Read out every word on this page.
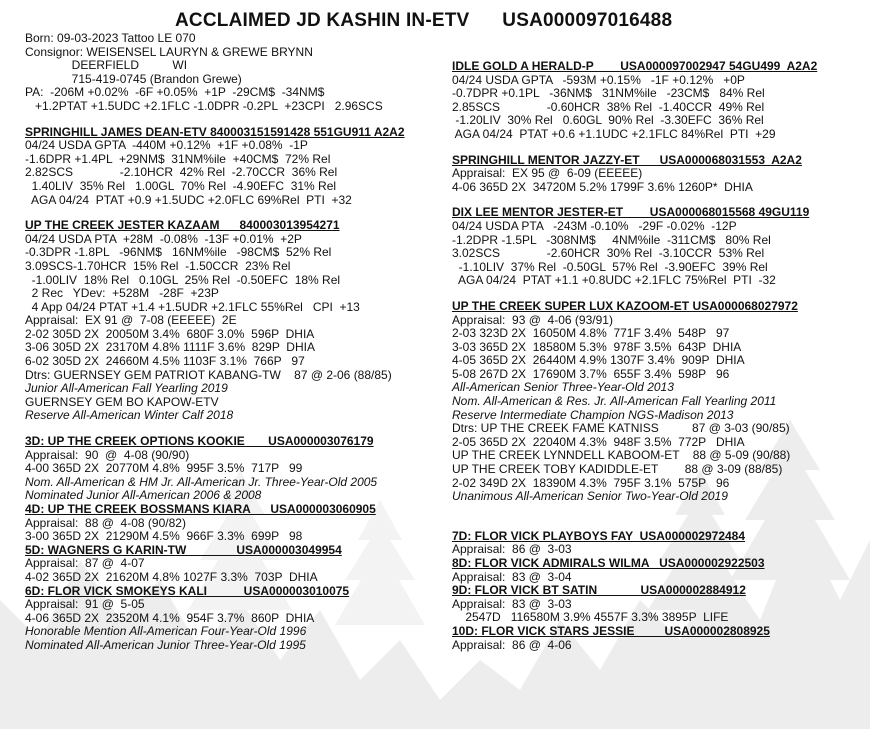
ACCLAIMED JD KASHIN IN-ETV      USA000097016488
Born: 09-03-2023 Tattoo LE 070
Consignor: WEISENSEL LAURYN & GREWE BRYNN
DEERFIELD          WI
715-419-0745 (Brandon Grewe)
PA:  -206M +0.02%  -6F +0.05%  +1P  -29CM$  -34NM$
+1.2PTAT +1.5UDC +2.1FLC -1.0DPR -0.2PL  +23CPI   2.96SCS
SPRINGHILL JAMES DEAN-ETV 840003151591428 551GU911 A2A2
04/24 USDA GPTA  -440M +0.12%  +1F +0.08%  -1P
-1.6DPR +1.4PL  +29NM$  31NM%ile  +40CM$  72% Rel
2.82SCS              -2.10HCR  42% Rel  -2.70CCR  36% Rel
1.40LIV  35% Rel   1.00GL  70% Rel  -4.90EFC  31% Rel
AGA 04/24  PTAT +0.9 +1.5UDC +2.0FLC 69%Rel  PTI  +32
UP THE CREEK JESTER KAZAAM      840003013954271
04/24 USDA PTA  +28M  -0.08%  -13F +0.01%  +2P
-0.3DPR -1.8PL   -96NM$   16NM%ile   -98CM$  52% Rel
3.09SCS-1.70HCR  15% Rel  -1.50CCR  23% Rel
-1.00LIV  18% Rel   0.10GL  25% Rel  -0.50EFC  18% Rel
2 Rec   YDev:  +528M   -28F  +23P
4 App 04/24 PTAT +1.4 +1.5UDR +2.1FLC 55%Rel   CPI  +13
Appraisal:  EX 91 @  7-08 (EEEEE)  2E
2-02 305D 2X  20050M 3.4%  680F 3.0%  596P  DHIA
3-06 305D 2X  23170M 4.8% 1111F 3.6%  829P  DHIA
6-02 305D 2X  24660M 4.5% 1103F 3.1%  766P   97
Dtrs: GUERNSEY GEM PATRIOT KABANG-TW    87 @ 2-06 (88/85)
Junior All-American Fall Yearling 2019
GUERNSEY GEM BO KAPOW-ETV
Reserve All-American Winter Calf 2018
3D: UP THE CREEK OPTIONS KOOKIE       USA000003076179
Appraisal:  90  @  4-08 (90/90)
4-00 365D 2X  20770M 4.8%  995F 3.5%  717P   99
Nom. All-American & HM Jr. All-American Jr. Three-Year-Old 2005
Nominated Junior All-American 2006 & 2008
4D: UP THE CREEK BOSSMANS KIARA      USA000003060905
Appraisal:  88 @  4-08 (90/82)
3-00 365D 2X  21290M 4.5%  966F 3.3%  699P   98
5D: WAGNERS G KARIN-TW               USA000003049954
Appraisal:  87 @  4-07
4-02 365D 2X  21620M 4.8% 1027F 3.3%  703P  DHIA
6D: FLOR VICK SMOKEYS KALI           USA000003010075
Appraisal:  91 @  5-05
4-06 365D 2X  23520M 4.1%  954F 3.7%  860P  DHIA
Honorable Mention All-American Four-Year-Old 1996
Nominated All-American Junior Three-Year-Old 1995
IDLE GOLD A HERALD-P        USA000097002947 54GU499  A2A2
04/24 USDA GPTA   -593M +0.15%   -1F +0.12%   +0P
-0.7DPR +0.1PL   -36NM$   31NM%ile   -23CM$   84% Rel
2.85SCS              -0.60HCR  38% Rel  -1.40CCR  49% Rel
-1.20LIV  30% Rel   0.60GL  90% Rel  -3.30EFC  36% Rel
AGA 04/24  PTAT +0.6 +1.1UDC +2.1FLC 84%Rel  PTI  +29
SPRINGHILL MENTOR JAZZY-ET      USA000068031553  A2A2
Appraisal:  EX 95 @  6-09 (EEEEE)
4-06 365D 2X  34720M 5.2% 1799F 3.6% 1260P*  DHIA
DIX LEE MENTOR JESTER-ET        USA000068015568 49GU119
04/24 USDA PTA   -243M -0.10%   -29F -0.02%  -12P
-1.2DPR -1.5PL   -308NM$     4NM%ile  -311CM$   80% Rel
3.02SCS              -2.60HCR  30% Rel  -3.10CCR  53% Rel
-1.10LIV  37% Rel  -0.50GL  57% Rel  -3.90EFC  39% Rel
AGA 04/24  PTAT +1.1 +0.8UDC +2.1FLC 75%Rel  PTI  -32
UP THE CREEK SUPER LUX KAZOOM-ET USA000068027972
Appraisal:  93 @  4-06 (93/91)
2-03 323D 2X  16050M 4.8%  771F 3.4%  548P   97
3-03 365D 2X  18580M 5.3%  978F 3.5%  643P  DHIA
4-05 365D 2X  26440M 4.9% 1307F 3.4%  909P  DHIA
5-08 267D 2X  17690M 3.7%  655F 3.4%  598P   96
All-American Senior Three-Year-Old 2013
Nom. All-American & Res. Jr. All-American Fall Yearling 2011
Reserve Intermediate Champion NGS-Madison 2013
Dtrs: UP THE CREEK FAME KATNISS          87 @ 3-03 (90/85)
2-05 365D 2X  22040M 4.3%  948F 3.5%  772P   DHIA
UP THE CREEK LYNNDELL KABOOM-ET    88 @ 5-09 (90/88)
UP THE CREEK TOBY KADIDDLE-ET        88 @ 3-09 (88/85)
2-02 349D 2X  18390M 4.3%  795F 3.1%  575P   96
Unanimous All-American Senior Two-Year-Old 2019
7D: FLOR VICK PLAYBOYS FAY  USA000002972484
Appraisal:  86 @  3-03
8D: FLOR VICK ADMIRALS WILMA   USA000002922503
Appraisal:  83 @  3-04
9D: FLOR VICK BT SATIN             USA000002884912
Appraisal:  83 @  3-03
2547D   116580M 3.9% 4557F 3.3% 3895P  LIFE
10D: FLOR VICK STARS JESSIE         USA000002808925
Appraisal:  86 @  4-06
